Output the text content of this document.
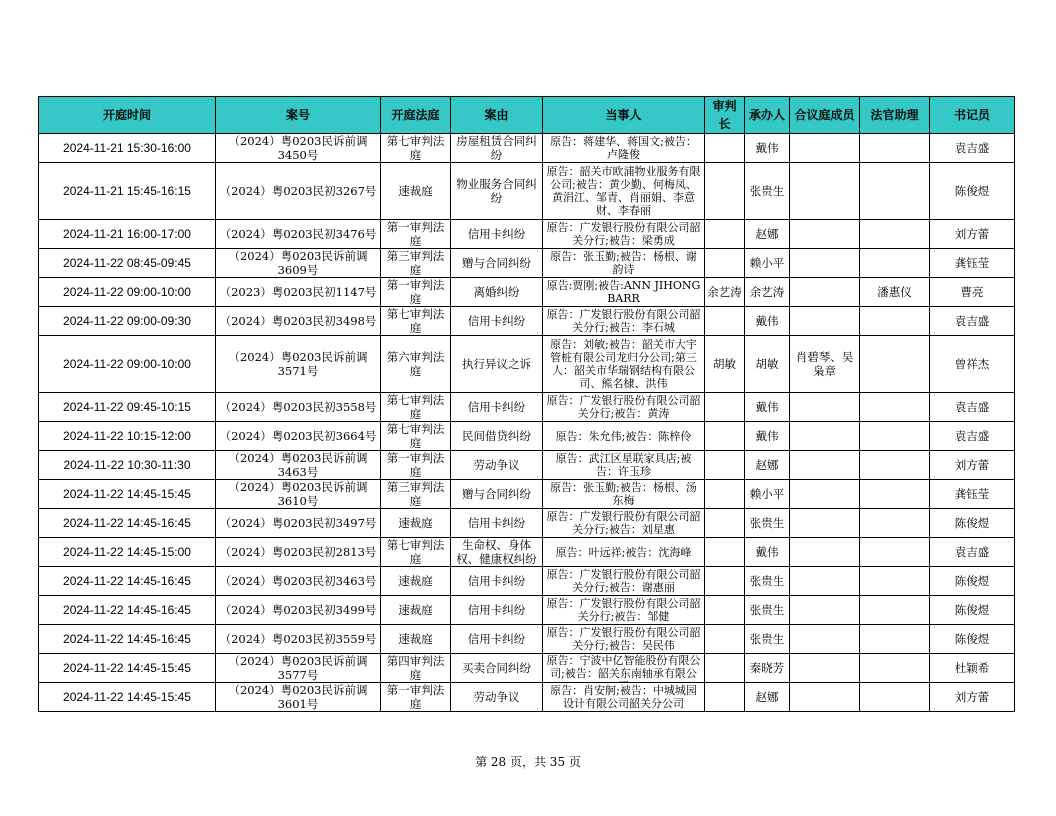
开庭时间	案号	开庭法庭	案由	当事人	审判长	承办人	合议庭成员	法官助理	书记员

2024-11-21 15:30-16:00	（2024）粤0203民诉前调3450号	第七审判法庭	房屋租赁合同纠纷	原告：蒋建华、蒋国文;被告：卢隆俊		戴伟			袁吉盛

2024-11-21 15:45-16:15	（2024）粤0203民初3267号	速裁庭	物业服务合同纠纷	原告：韶关市欧浦物业服务有限公司;被告：黄少勤、何梅凤、黄涓江、邹青、肖丽娟、李意财、李春丽		张贵生			陈俊煜

2024-11-21 16:00-17:00	（2024）粤0203民初3476号	第一审判法庭	信用卡纠纷	原告：广发银行股份有限公司韶关分行;被告：梁勇成		赵娜			刘方蕾

2024-11-22 08:45-09:45	（2024）粤0203民诉前调3609号	第三审判法庭	赠与合同纠纷	原告：张玉勤;被告：杨根、谢韵诗		赖小平			龚钰莹

2024-11-22 09:00-10:00	（2023）粤0203民初1147号	第一审判法庭	离婚纠纷	原告:贾刚;被告:ANN JIHONG BARR	余艺涛	余艺涛		潘惠仪	曹亮

2024-11-22 09:00-09:30	（2024）粤0203民初3498号	第七审判法庭	信用卡纠纷	原告：广发银行股份有限公司韶关分行;被告：李石城		戴伟			袁吉盛

2024-11-22 09:00-10:00	（2024）粤0203民诉前调3571号	第六审判法庭	执行异议之诉	原告：刘敏;被告：韶关市大宇管桩有限公司龙归分公司;第三人：韶关市华瑞钢结构有限公司、熊名棣、洪伟	胡敏	胡敏	肖碧琴、吴枭章		曾祥杰

2024-11-22 09:45-10:15	（2024）粤0203民初3558号	第七审判法庭	信用卡纠纷	原告：广发银行股份有限公司韶关分行;被告：黄涛		戴伟			袁吉盛

2024-11-22 10:15-12:00	（2024）粤0203民初3664号	第七审判法庭	民间借贷纠纷	原告：朱允伟;被告：陈梓伶		戴伟			袁吉盛

2024-11-22 10:30-11:30	（2024）粤0203民诉前调3463号	第一审判法庭	劳动争议	原告：武江区星联家具店;被告：许玉珍		赵娜			刘方蕾

2024-11-22 14:45-15:45	（2024）粤0203民诉前调3610号	第三审判法庭	赠与合同纠纷	原告：张玉勤;被告：杨根、汤东梅		赖小平			龚钰莹

2024-11-22 14:45-16:45	（2024）粤0203民初3497号	速裁庭	信用卡纠纷	原告：广发银行股份有限公司韶关分行;被告：刘星惠		张贵生			陈俊煜

2024-11-22 14:45-15:00	（2024）粤0203民初2813号	第七审判法庭	生命权、身体权、健康权纠纷	原告：叶远祥;被告：沈海峰		戴伟			袁吉盛

2024-11-22 14:45-16:45	（2024）粤0203民初3463号	速裁庭	信用卡纠纷	原告：广发银行股份有限公司韶关分行;被告：谢惠丽		张贵生			陈俊煜

2024-11-22 14:45-16:45	（2024）粤0203民初3499号	速裁庭	信用卡纠纷	原告：广发银行股份有限公司韶关分行;被告：邹健		张贵生			陈俊煜

2024-11-22 14:45-16:45	（2024）粤0203民初3559号	速裁庭	信用卡纠纷	原告：广发银行股份有限公司韶关分行;被告：吴民伟		张贵生			陈俊煜

2024-11-22 14:45-15:45	（2024）粤0203民诉前调3577号	第四审判法庭	买卖合同纠纷	原告：宁波中亿智能股份有限公司;被告：韶关东南轴承有限公		秦晓芳			杜颖希

2024-11-22 14:45-15:45	（2024）粤0203民诉前调3601号	第一审判法庭	劳动争议	原告：肖安舸;被告：中城城园设计有限公司韶关分公司		赵娜			刘方蕾
第 28 页，共 35 页
